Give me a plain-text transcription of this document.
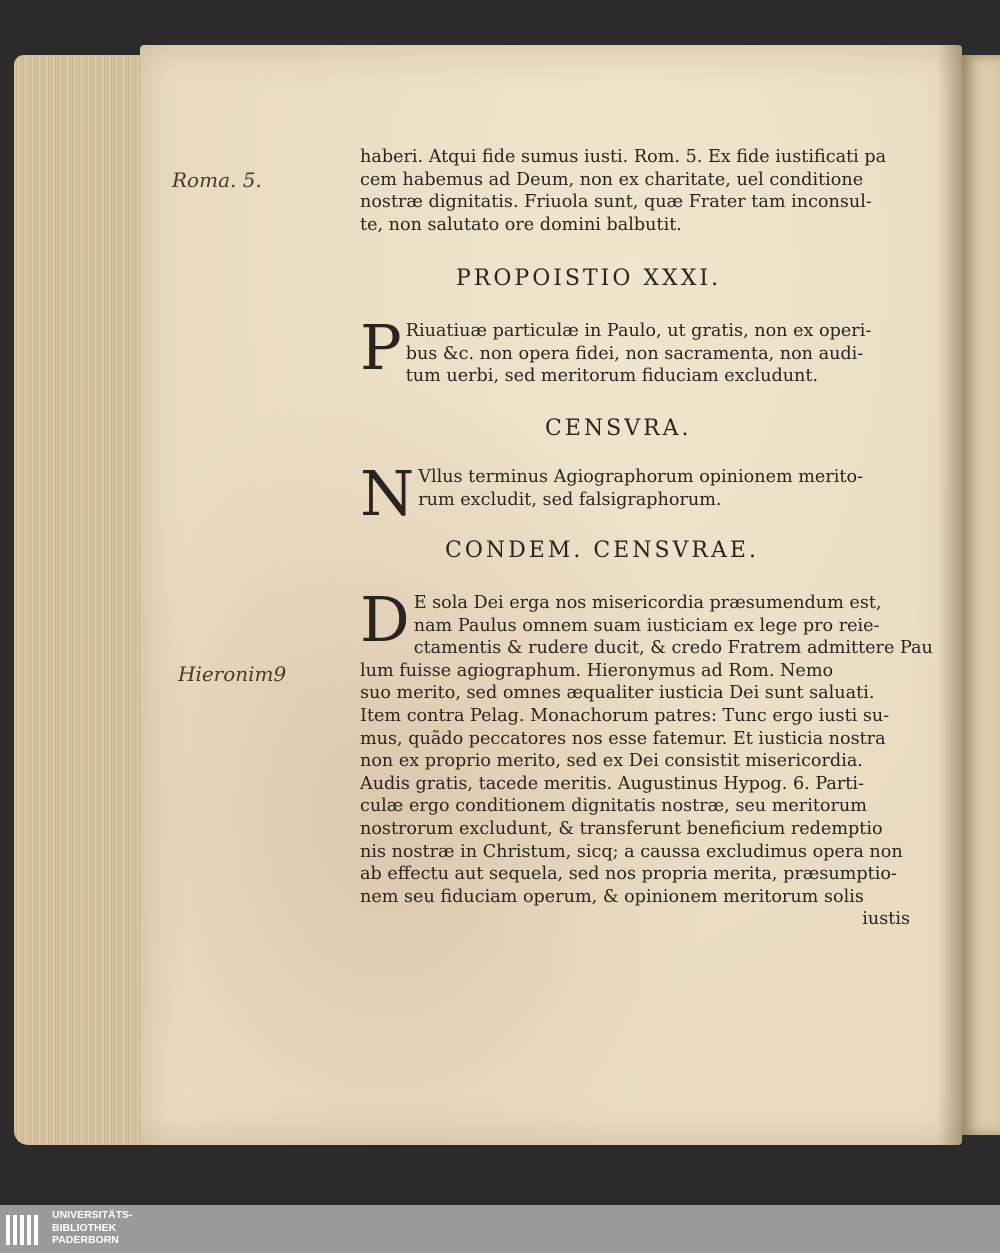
Roma. 5.
Hieronim9
haberi. Atqui fide sumus iusti. Rom. 5. Ex fide iustificati pa
cem habemus ad Deum, non ex charitate, uel conditione
nostræ dignitatis. Friuola sunt, quæ Frater tam inconsul-
te, non salutato ore domini balbutit.
PROPOISTIO XXXI.
P Riuatiuæ particulæ in Paulo, ut gratis, non ex operi-
bus &c. non opera fidei, non sacramenta, non audi-
tum uerbi, sed meritorum fiduciam excludunt.
CENSVRA.
N Vllus terminus Agiographorum opinionem merito-
rum excludit, sed falsigraphorum.
CONDEM. CENSVRAE.
D E sola Dei erga nos misericordia præsumendum est,
nam Paulus omnem suam iusticiam ex lege pro reie-
ctamentis & rudere ducit, & credo Fratrem admittere Pau
lum fuisse agiographum. Hieronymus ad Rom. Nemo
suo merito, sed omnes æqualiter iusticia Dei sunt saluati.
Item contra Pelag. Monachorum patres: Tunc ergo iusti su-
mus, quãdo peccatores nos esse fatemur. Et iusticia nostra
non ex proprio merito, sed ex Dei consistit misericordia.
Audis gratis, tacede meritis. Augustinus Hypog. 6. Parti-
culæ ergo conditionem dignitatis nostræ, seu meritorum
nostrorum excludunt, & transferunt beneficium redemptio
nis nostræ in Christum, sicq; a caussa excludimus opera non
ab effectu aut sequela, sed nos propria merita, præsumptio-
nem seu fiduciam operum, & opinionem meritorum solis
iustis
UNIVERSITÄTS-
BIBLIOTHEK
PADERBORN
